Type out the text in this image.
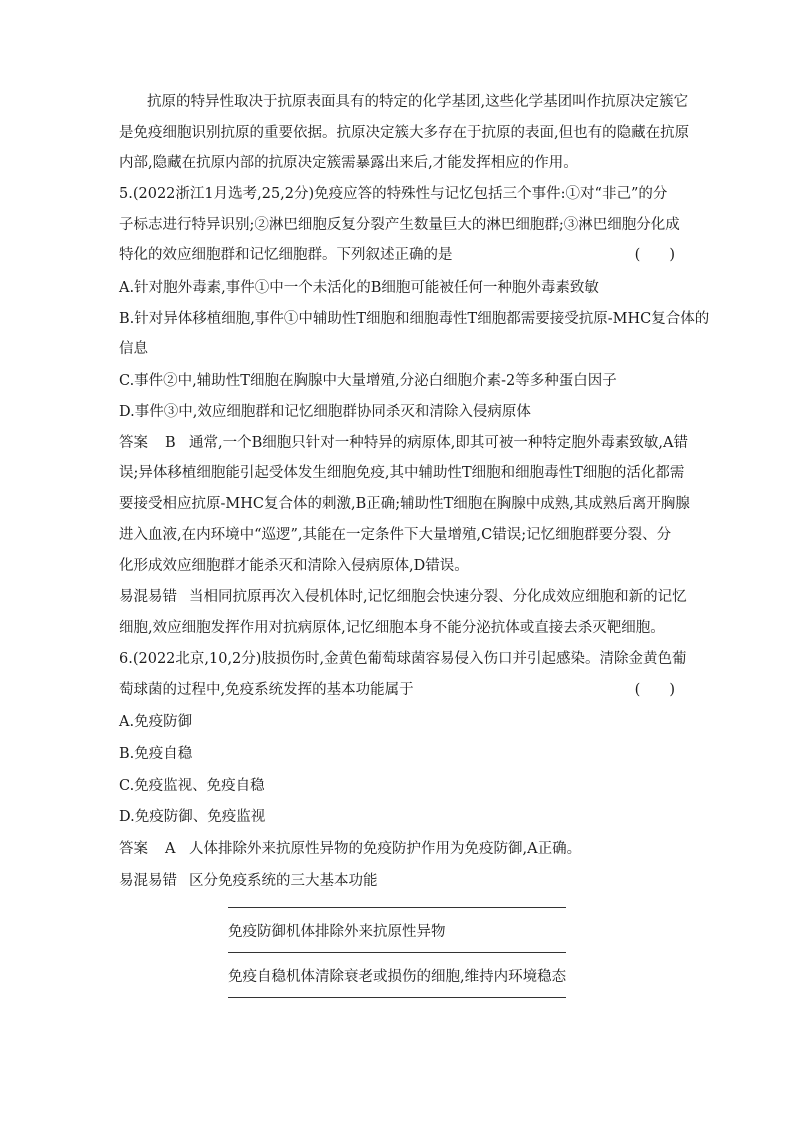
抗原的特异性取决于抗原表面具有的特定的化学基团,这些化学基团叫作抗原决定簇它
是免疫细胞识别抗原的重要依据。抗原决定簇大多存在于抗原的表面,但也有的隐藏在抗原
内部,隐藏在抗原内部的抗原决定簇需暴露出来后,才能发挥相应的作用。
5.(2022浙江1月选考,25,2分)免疫应答的特殊性与记忆包括三个事件:①对“非己”的分
子标志进行特异识别;②淋巴细胞反复分裂产生数量巨大的淋巴细胞群;③淋巴细胞分化成
特化的效应细胞群和记忆细胞群。下列叙述正确的是	(　　)
A.针对胞外毒素,事件①中一个未活化的B细胞可能被任何一种胞外毒素致敏
B.针对异体移植细胞,事件①中辅助性T细胞和细胞毒性T细胞都需要接受抗原-MHC复合体的
信息
C.事件②中,辅助性T细胞在胸腺中大量增殖,分泌白细胞介素-2等多种蛋白因子
D.事件③中,效应细胞群和记忆细胞群协同杀灭和清除入侵病原体
答案 B 通常,一个B细胞只针对一种特异的病原体,即其可被一种特定胞外毒素致敏,A错
误;异体移植细胞能引起受体发生细胞免疫,其中辅助性T细胞和细胞毒性T细胞的活化都需
要接受相应抗原-MHC复合体的刺激,B正确;辅助性T细胞在胸腺中成熟,其成熟后离开胸腺
进入血液,在内环境中“巡逻”,其能在一定条件下大量增殖,C错误;记忆细胞群要分裂、分
化形成效应细胞群才能杀灭和清除入侵病原体,D错误。
易混易错 当相同抗原再次入侵机体时,记忆细胞会快速分裂、分化成效应细胞和新的记忆
细胞,效应细胞发挥作用对抗病原体,记忆细胞本身不能分泌抗体或直接去杀灭靶细胞。
6.(2022北京,10,2分)肢损伤时,金黄色葡萄球菌容易侵入伤口并引起感染。清除金黄色葡
萄球菌的过程中,免疫系统发挥的基本功能属于	(　　)
A.免疫防御
B.免疫自稳
C.免疫监视、免疫自稳
D.免疫防御、免疫监视
答案 A 人体排除外来抗原性异物的免疫防护作用为免疫防御,A正确。
易混易错 区分免疫系统的三大基本功能
免疫防御	机体排除外来抗原性异物
免疫自稳	机体清除衰老或损伤的细胞,维持内环境稳态
